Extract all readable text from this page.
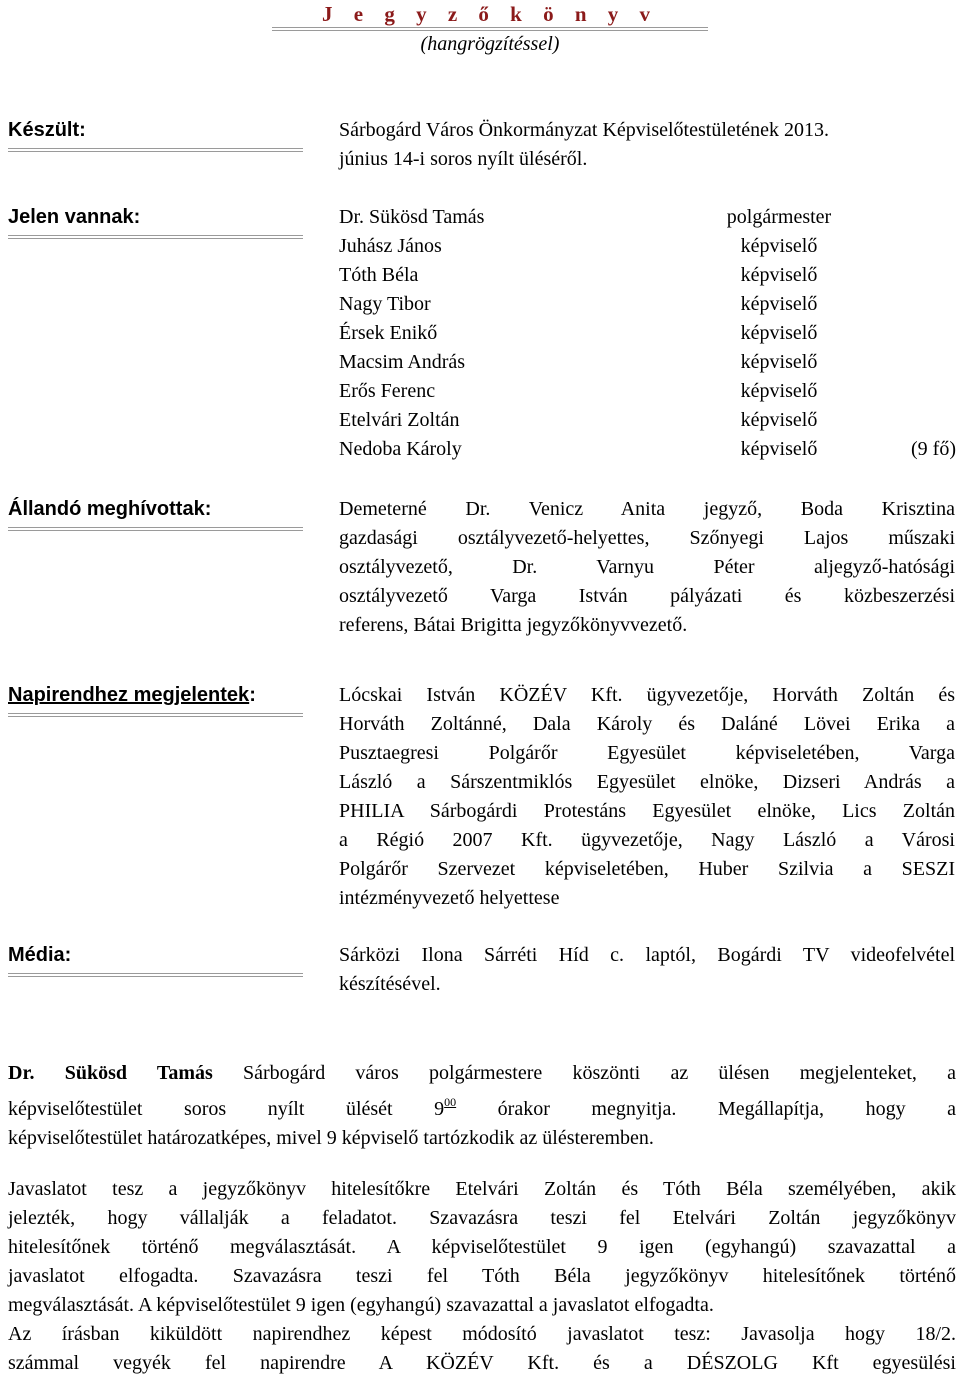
J e g y z ő k ö n y v
(hangrögzítéssel)
Készült:	Sárbogárd Város Önkormányzat Képviselőtestületének 2013.
június 14-i soros nyílt üléséről.
Jelen vannak:	Dr. Sükösd Tamás	polgármester
Juhász János	képviselő
Tóth Béla	képviselő
Nagy Tibor	képviselő
Érsek Enikő	képviselő
Macsim András	képviselő
Erős Ferenc	képviselő
Etelvári Zoltán	képviselő
Nedoba Károly	képviselő	(9 fő)
Állandó meghívottak:	Demeterné Dr. Venicz Anita jegyző, Boda Krisztina
gazdasági osztályvezető-helyettes, Szőnyegi Lajos műszaki
osztályvezető, Dr. Varnyu Péter aljegyző-hatósági
osztályvezető Varga István pályázati és közbeszerzési
referens, Bátai Brigitta jegyzőkönyvvezető.
Napirendhez megjelentek:	Lócskai István KÖZÉV Kft. ügyvezetője, Horváth Zoltán és
Horváth Zoltánné, Dala Károly és Daláné Lövei Erika a
Pusztaegresi Polgárőr Egyesület képviseletében, Varga
László a Sárszentmiklós Egyesület elnöke, Dizseri András a
PHILIA Sárbogárdi Protestáns Egyesület elnöke, Lics Zoltán
a Régió 2007 Kft. ügyvezetője, Nagy László a Városi
Polgárőr Szervezet képviseletében, Huber Szilvia a SESZI
intézményvezető helyettese
Média:	Sárközi Ilona Sárréti Híd c. laptól, Bogárdi TV videofelvétel
készítésével.
Dr. Sükösd Tamás Sárbogárd város polgármestere köszönti az ülésen megjelenteket, a
képviselőtestület soros nyílt ülését $9^{00}$ órakor megnyitja. Megállapítja, hogy a
képviselőtestület határozatképes, mivel 9 képviselő tartózkodik az ülésteremben.
Javaslatot tesz a jegyzőkönyv hitelesítőkre Etelvári Zoltán és Tóth Béla személyében, akik
jelezték, hogy vállalják a feladatot. Szavazásra teszi fel Etelvári Zoltán jegyzőkönyv
hitelesítőnek történő megválasztását. A képviselőtestület 9 igen (egyhangú) szavazattal a
javaslatot elfogadta. Szavazásra teszi fel Tóth Béla jegyzőkönyv hitelesítőnek történő
megválasztását. A képviselőtestület 9 igen (egyhangú) szavazattal a javaslatot elfogadta.
Az írásban kiküldött napirendhez képest módosító javaslatot tesz: Javasolja hogy 18/2.
számmal vegyék fel napirendre A KÖZÉV Kft. és a DÉSZOLG Kft egyesülési
